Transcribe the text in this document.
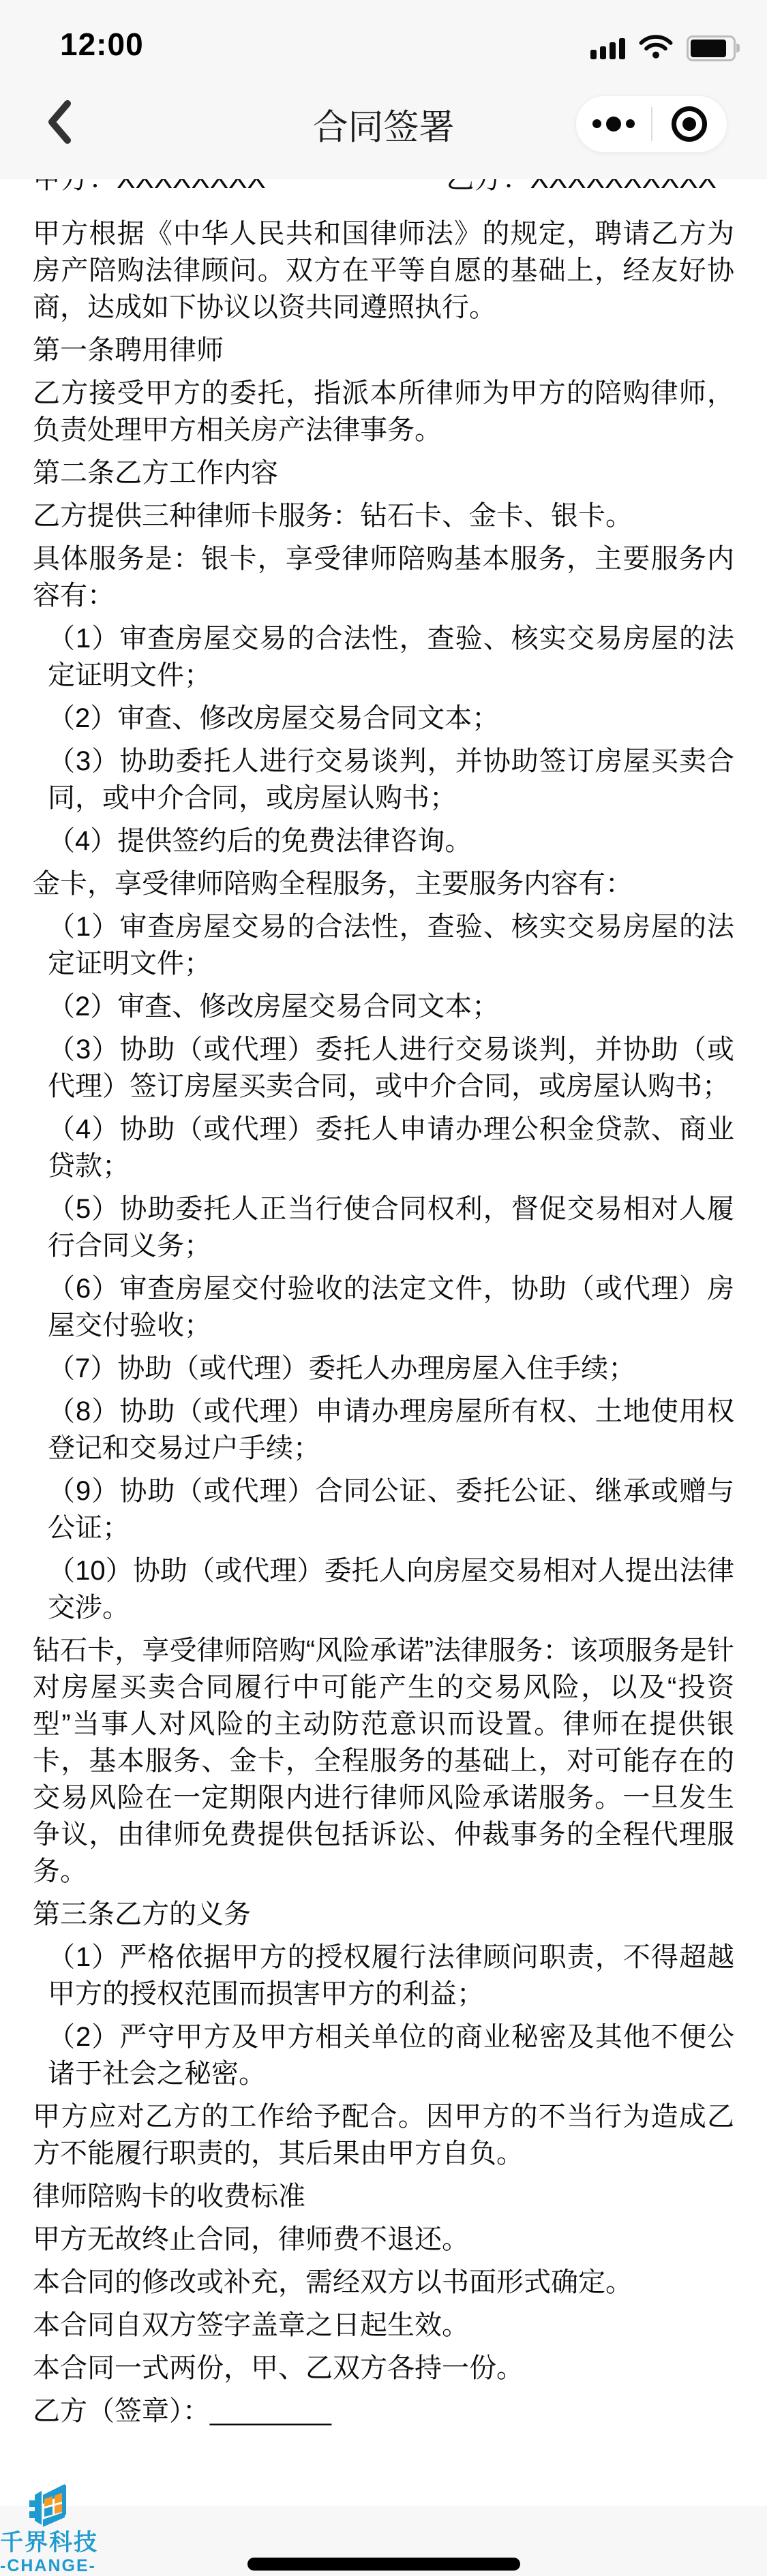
12:00
合同签署

甲方根据《中华人民共和国律师法》的规定，聘请乙方为房产陪购法律顾问。双方在平等自愿的基础上，经友好协商，达成如下协议以资共同遵照执行。

第一条聘用律师

乙方接受甲方的委托，指派本所律师为甲方的陪购律师，负责处理甲方相关房产法律事务。

第二条乙方工作内容

乙方提供三种律师卡服务：钻石卡、金卡、银卡。

具体服务是：银卡，享受律师陪购基本服务，主要服务内容有：

（1）审查房屋交易的合法性，查验、核实交易房屋的法定证明文件；

（2）审查、修改房屋交易合同文本；

（3）协助委托人进行交易谈判，并协助签订房屋买卖合同，或中介合同，或房屋认购书；

（4）提供签约后的免费法律咨询。

金卡，享受律师陪购全程服务，主要服务内容有：

（1）审查房屋交易的合法性，查验、核实交易房屋的法定证明文件；

（2）审查、修改房屋交易合同文本；

（3）协助（或代理）委托人进行交易谈判，并协助（或代理）签订房屋买卖合同，或中介合同，或房屋认购书；

（4）协助（或代理）委托人申请办理公积金贷款、商业贷款；

（5）协助委托人正当行使合同权利，督促交易相对人履行合同义务；

（6）审查房屋交付验收的法定文件，协助（或代理）房屋交付验收；

（7）协助（或代理）委托人办理房屋入住手续；

（8）协助（或代理）申请办理房屋所有权、土地使用权登记和交易过户手续；

（9）协助（或代理）合同公证、委托公证、继承或赠与公证；

（10）协助（或代理）委托人向房屋交易相对人提出法律交涉。

钻石卡，享受律师陪购“风险承诺”法律服务：该项服务是针对房屋买卖合同履行中可能产生的交易风险，以及“投资型”当事人对风险的主动防范意识而设置。律师在提供银卡，基本服务、金卡，全程服务的基础上，对可能存在的交易风险在一定期限内进行律师风险承诺服务。一旦发生争议，由律师免费提供包括诉讼、仲裁事务的全程代理服务。

第三条乙方的义务

（1）严格依据甲方的授权履行法律顾问职责，不得超越甲方的授权范围而损害甲方的利益；

（2）严守甲方及甲方相关单位的商业秘密及其他不便公诸于社会之秘密。

甲方应对乙方的工作给予配合。因甲方的不当行为造成乙方不能履行职责的，其后果由甲方自负。

律师陪购卡的收费标准

甲方无故终止合同，律师费不退还。

本合同的修改或补充，需经双方以书面形式确定。

本合同自双方签字盖章之日起生效。

本合同一式两份，甲、乙双方各持一份。

乙方（签章）：________

千界科技
-CHANGE-
